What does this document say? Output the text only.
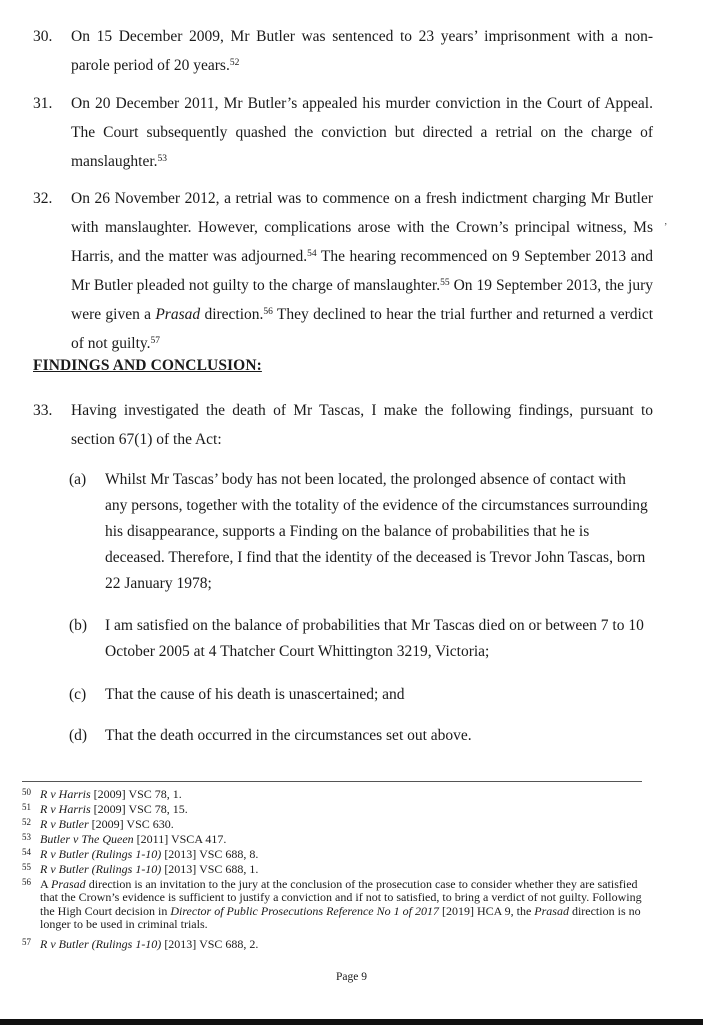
30.	On 15 December 2009, Mr Butler was sentenced to 23 years’ imprisonment with a non-parole period of 20 years.$^{52}$
31.	On 20 December 2011, Mr Butler’s appealed his murder conviction in the Court of Appeal. The Court subsequently quashed the conviction but directed a retrial on the charge of manslaughter.$^{53}$
32.	On 26 November 2012, a retrial was to commence on a fresh indictment charging Mr Butler with manslaughter. However, complications arose with the Crown’s principal witness, Ms Harris, and the matter was adjourned.$^{54}$ The hearing recommenced on 9 September 2013 and Mr Butler pleaded not guilty to the charge of manslaughter.$^{55}$ On 19 September 2013, the jury were given a Prasad direction.$^{56}$ They declined to hear the trial further and returned a verdict of not guilty.$^{57}$
FINDINGS AND CONCLUSION:
33.	Having investigated the death of Mr Tascas, I make the following findings, pursuant to section 67(1) of the Act:
(a)	Whilst Mr Tascas’ body has not been located, the prolonged absence of contact with any persons, together with the totality of the evidence of the circumstances surrounding his disappearance, supports a Finding on the balance of probabilities that he is deceased. Therefore, I find that the identity of the deceased is Trevor John Tascas, born 22 January 1978;
(b)	I am satisfied on the balance of probabilities that Mr Tascas died on or between 7 to 10 October 2005 at 4 Thatcher Court Whittington 3219, Victoria;
(c)	That the cause of his death is unascertained; and
(d)	That the death occurred in the circumstances set out above.
ʼ
50 R v Harris [2009] VSC 78, 1.
51 R v Harris [2009] VSC 78, 15.
52 R v Butler [2009] VSC 630.
53 Butler v The Queen [2011] VSCA 417.
54 R v Butler (Rulings 1-10) [2013] VSC 688, 8.
55 R v Butler (Rulings 1-10) [2013] VSC 688, 1.
56 A Prasad direction is an invitation to the jury at the conclusion of the prosecution case to consider whether they are satisfied that the Crown’s evidence is sufficient to justify a conviction and if not to satisfied, to bring a verdict of not guilty. Following the High Court decision in Director of Public Prosecutions Reference No 1 of 2017 [2019] HCA 9, the Prasad direction is no longer to be used in criminal trials.
57 R v Butler (Rulings 1-10) [2013] VSC 688, 2.
Page 9
